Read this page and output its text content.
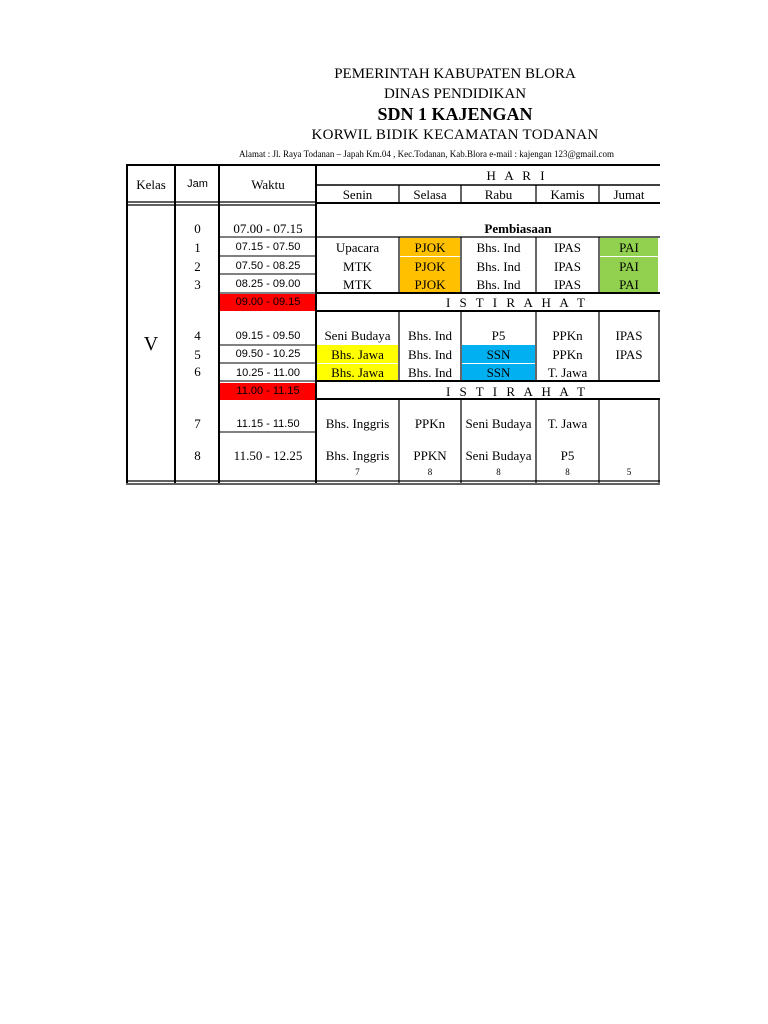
PEMERINTAH KABUPATEN BLORA
DINAS PENDIDIKAN
SDN 1 KAJENGAN
KORWIL BIDIK KECAMATAN TODANAN
Alamat : Jl. Raya Todanan – Japah Km.04 , Kec.Todanan, Kab.Blora e-mail : kajengan 123@gmail.com
Kelas	Jam	Waktu
H A R I
Senin	Selasa	Rabu	Kamis	Jumat
V
0	07.00 - 07.15	Pembiasaan
1	07.15 - 07.50	Upacara	PJOK	Bhs. Ind	IPAS	PAI
2	07.50 - 08.25	MTK	PJOK	Bhs. Ind	IPAS	PAI
3	08.25 - 09.00	MTK	PJOK	Bhs. Ind	IPAS	PAI
09.00 - 09.15	I S T I R A H A T
4	09.15 - 09.50	Seni Budaya	Bhs. Ind	P5	PPKn	IPAS
5	09.50 - 10.25	Bhs. Jawa	Bhs. Ind	SSN	PPKn	IPAS
6	10.25 - 11.00	Bhs. Jawa	Bhs. Ind	SSN	T. Jawa
11.00 - 11.15	I S T I R A H A T
7	11.15 - 11.50	Bhs. Inggris	PPKn	Seni Budaya	T. Jawa
8	11.50 - 12.25	Bhs. Inggris	PPKN	Seni Budaya	P5
7	8	8	8	5
